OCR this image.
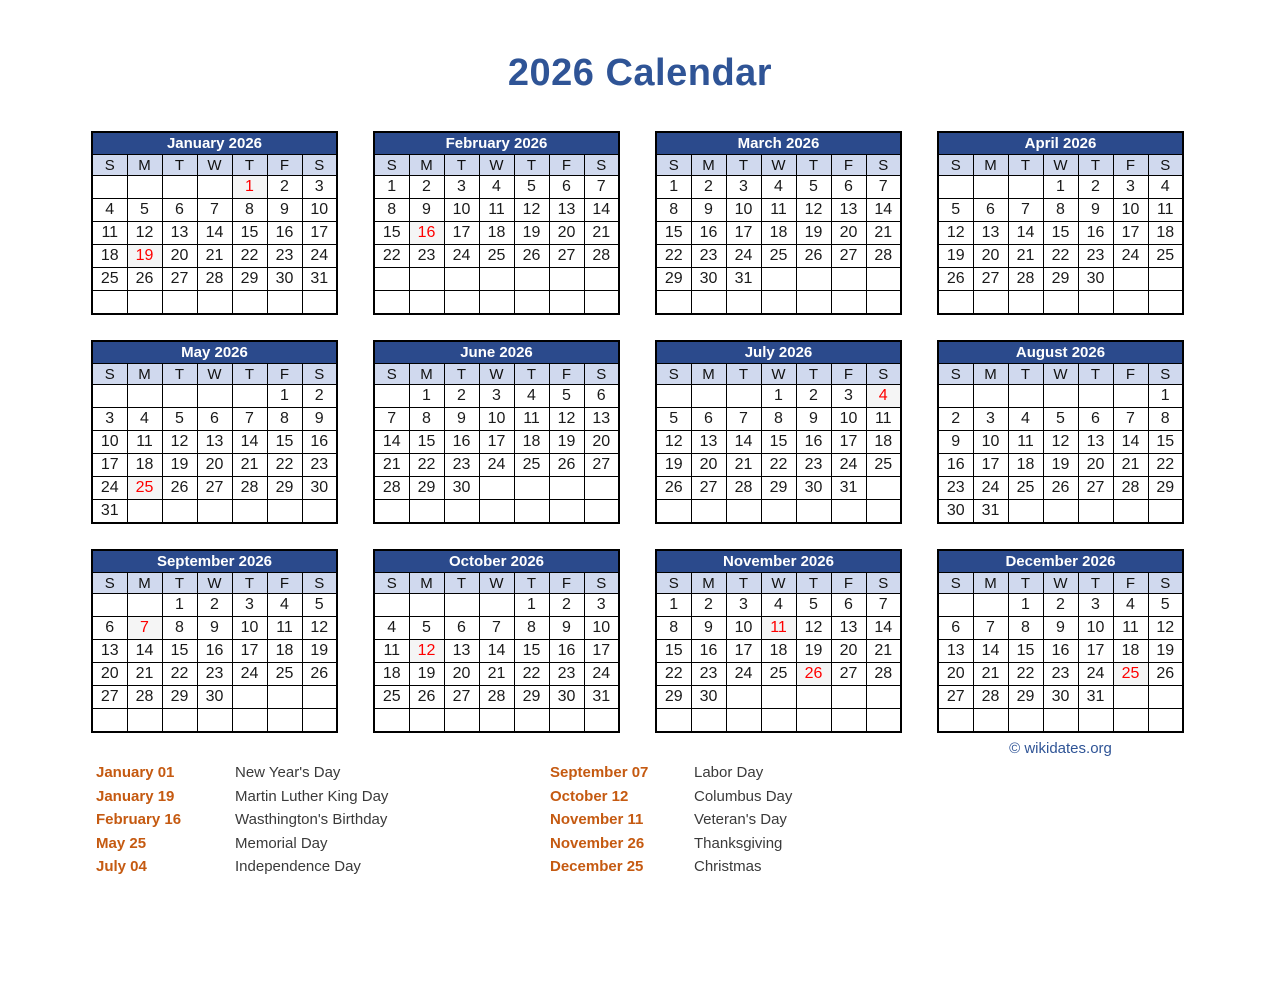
2026 Calendar
January 2026						
S	M	T	W	T	F	S
				1	2	3
4	5	6	7	8	9	10
11	12	13	14	15	16	17
18	19	20	21	22	23	24
25	26	27	28	29	30	31

February 2026						
S	M	T	W	T	F	S
1	2	3	4	5	6	7
8	9	10	11	12	13	14
15	16	17	18	19	20	21
22	23	24	25	26	27	28

March 2026						
S	M	T	W	T	F	S
1	2	3	4	5	6	7
8	9	10	11	12	13	14
15	16	17	18	19	20	21
22	23	24	25	26	27	28
29	30	31				

April 2026						
S	M	T	W	T	F	S
			1	2	3	4
5	6	7	8	9	10	11
12	13	14	15	16	17	18
19	20	21	22	23	24	25
26	27	28	29	30		

May 2026						
S	M	T	W	T	F	S
					1	2
3	4	5	6	7	8	9
10	11	12	13	14	15	16
17	18	19	20	21	22	23
24	25	26	27	28	29	30
31						
June 2026						
S	M	T	W	T	F	S
	1	2	3	4	5	6
7	8	9	10	11	12	13
14	15	16	17	18	19	20
21	22	23	24	25	26	27
28	29	30				

July 2026						
S	M	T	W	T	F	S
			1	2	3	4
5	6	7	8	9	10	11
12	13	14	15	16	17	18
19	20	21	22	23	24	25
26	27	28	29	30	31	

August 2026						
S	M	T	W	T	F	S
						1
2	3	4	5	6	7	8
9	10	11	12	13	14	15
16	17	18	19	20	21	22
23	24	25	26	27	28	29
30	31					
September 2026						
S	M	T	W	T	F	S
		1	2	3	4	5
6	7	8	9	10	11	12
13	14	15	16	17	18	19
20	21	22	23	24	25	26
27	28	29	30			

October 2026						
S	M	T	W	T	F	S
				1	2	3
4	5	6	7	8	9	10
11	12	13	14	15	16	17
18	19	20	21	22	23	24
25	26	27	28	29	30	31

November 2026						
S	M	T	W	T	F	S
1	2	3	4	5	6	7
8	9	10	11	12	13	14
15	16	17	18	19	20	21
22	23	24	25	26	27	28
29	30					

December 2026						
S	M	T	W	T	F	S
		1	2	3	4	5
6	7	8	9	10	11	12
13	14	15	16	17	18	19
20	21	22	23	24	25	26
27	28	29	30	31		

© wikidates.org
January 01	New Year's Day
January 19	Martin Luther King Day
February 16	Wasthington's Birthday
May 25	Memorial Day
July 04	Independence Day
September 07	Labor Day
October 12	Columbus Day
November 11	Veteran's Day
November 26	Thanksgiving
December 25	Christmas
